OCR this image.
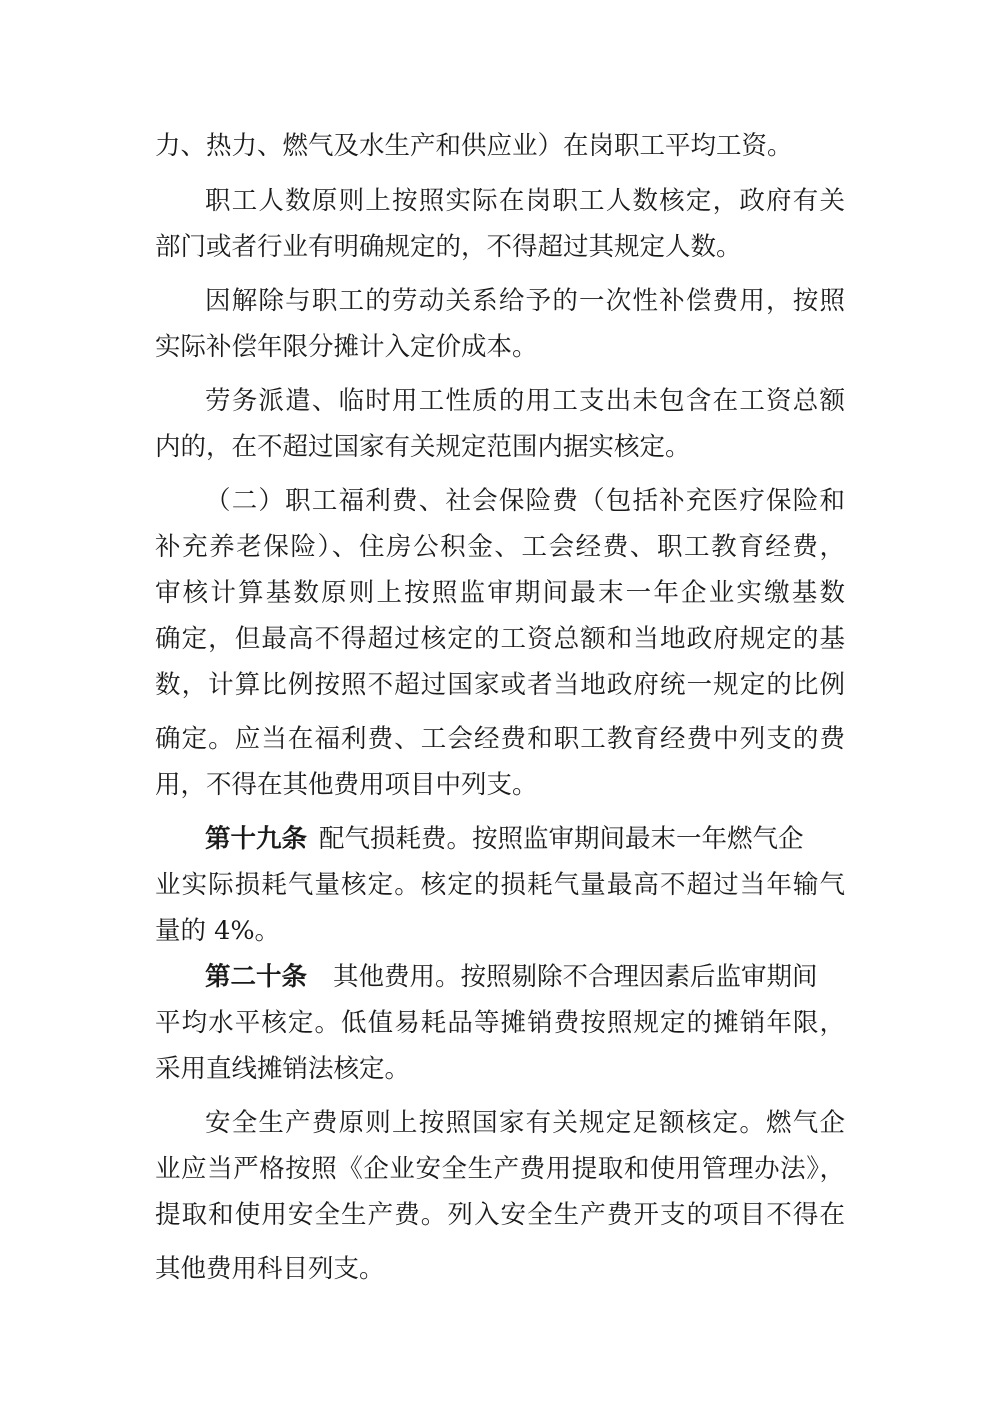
力、热力、燃气及水生产和供应业）在岗职工平均工资。
职工人数原则上按照实际在岗职工人数核定，政府有关
部门或者行业有明确规定的，不得超过其规定人数。
因解除与职工的劳动关系给予的一次性补偿费用，按照
实际补偿年限分摊计入定价成本。
劳务派遣、临时用工性质的用工支出未包含在工资总额
内的，在不超过国家有关规定范围内据实核定。
（二）职工福利费、社会保险费（包括补充医疗保险和
补充养老保险）、住房公积金、工会经费、职工教育经费，
审核计算基数原则上按照监审期间最末一年企业实缴基数
确定，但最高不得超过核定的工资总额和当地政府规定的基
数，计算比例按照不超过国家或者当地政府统一规定的比例
确定。应当在福利费、工会经费和职工教育经费中列支的费
用，不得在其他费用项目中列支。
第十九条 配气损耗费。按照监审期间最末一年燃气企
业实际损耗气量核定。核定的损耗气量最高不超过当年输气
量的 4%。
第二十条 其他费用。按照剔除不合理因素后监审期间
平均水平核定。低值易耗品等摊销费按照规定的摊销年限，
采用直线摊销法核定。
安全生产费原则上按照国家有关规定足额核定。燃气企
业应当严格按照《企业安全生产费用提取和使用管理办法》，
提取和使用安全生产费。列入安全生产费开支的项目不得在
其他费用科目列支。
